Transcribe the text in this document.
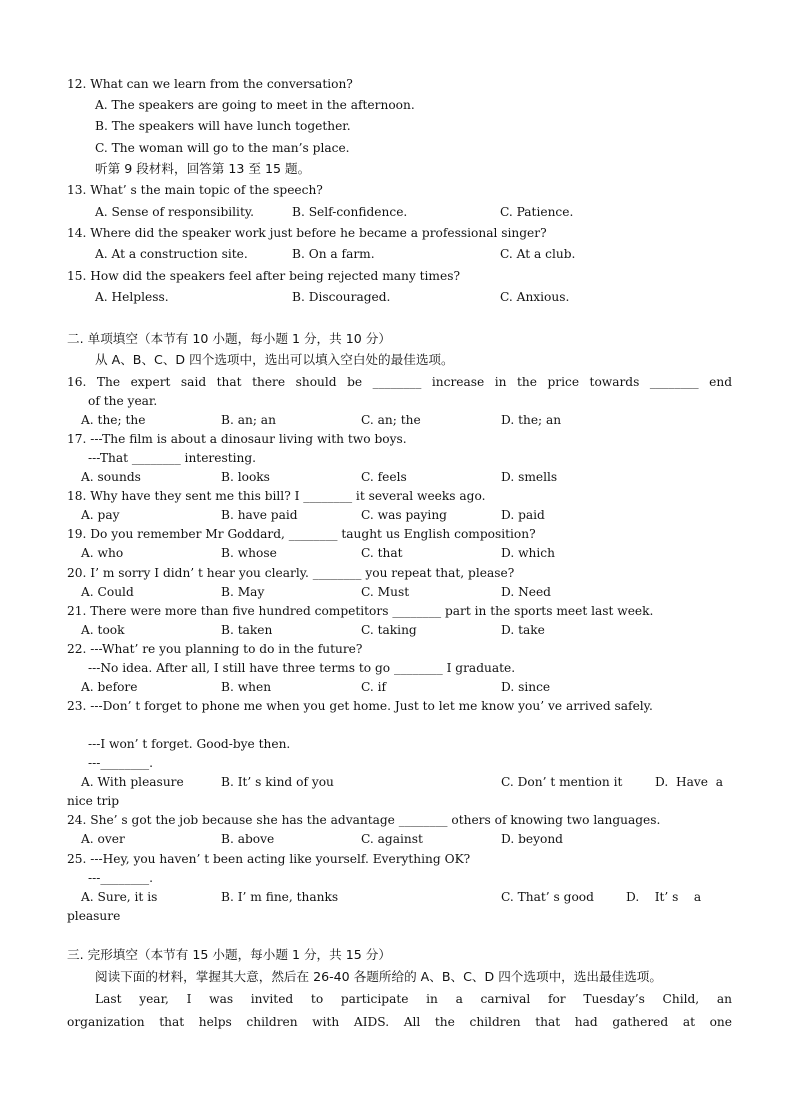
12. What can we learn from the conversation?
A. The speakers are going to meet in the afternoon.
B. The speakers will have lunch together.
C. The woman will go to the man’s place.
听第 9 段材料，回答第 13 至 15 题。
13. What’ s the main topic of the speech?
A. Sense of responsibility.	B. Self-confidence.	C. Patience.
14. Where did the speaker work just before he became a professional singer?
A. At a construction site.	B. On a farm.	C. At a club.
15. How did the speakers feel after being rejected many times?
A. Helpless.	B. Discouraged.	C. Anxious.
二. 单项填空（本节有 10 小题，每小题 1 分，共 10 分）
从 A、B、C、D 四个选项中，选出可以填入空白处的最佳选项。
16. The expert said that there should be ________ increase in the price towards ________ end
of the year.
A. the; the	B. an; an	C. an; the	D. the; an
17. ---The film is about a dinosaur living with two boys.
---That ________ interesting.
A. sounds	B. looks	C. feels	D. smells
18. Why have they sent me this bill? I ________ it several weeks ago.
A. pay	B. have paid	C. was paying	D. paid
19. Do you remember Mr Goddard, ________ taught us English composition?
A. who	B. whose	C. that	D. which
20. I’ m sorry I didn’ t hear you clearly. ________ you repeat that, please?
A. Could	B. May	C. Must	D. Need
21. There were more than five hundred competitors ________ part in the sports meet last week.
A. took	B. taken	C. taking	D. take
22. ---What’ re you planning to do in the future?
---No idea. After all, I still have three terms to go ________ I graduate.
A. before	B. when	C. if	D. since
23. ---Don’ t forget to phone me when you get home. Just to let me know you’ ve arrived safely.
---I won’ t forget. Good-bye then.
---________.
A. With pleasure	B. It’ s kind of you	C. Don’ t mention it	D.  Have  a
nice trip
24. She’ s got the job because she has the advantage ________ others of knowing two languages.
A. over	B. above	C. against	D. beyond
25. ---Hey, you haven’ t been acting like yourself. Everything OK?
---________.
A. Sure, it is	B. I’ m fine, thanks	C. That’ s good	D.    It’ s    a
pleasure
三. 完形填空（本节有 15 小题，每小题 1 分，共 15 分）
阅读下面的材料，掌握其大意，然后在 26-40 各题所给的 A、B、C、D 四个选项中，选出最佳选项。
Last year, I was invited to participate in a carnival for Tuesday’s Child, an
organization that helps children with AIDS. All the children that had gathered at one
